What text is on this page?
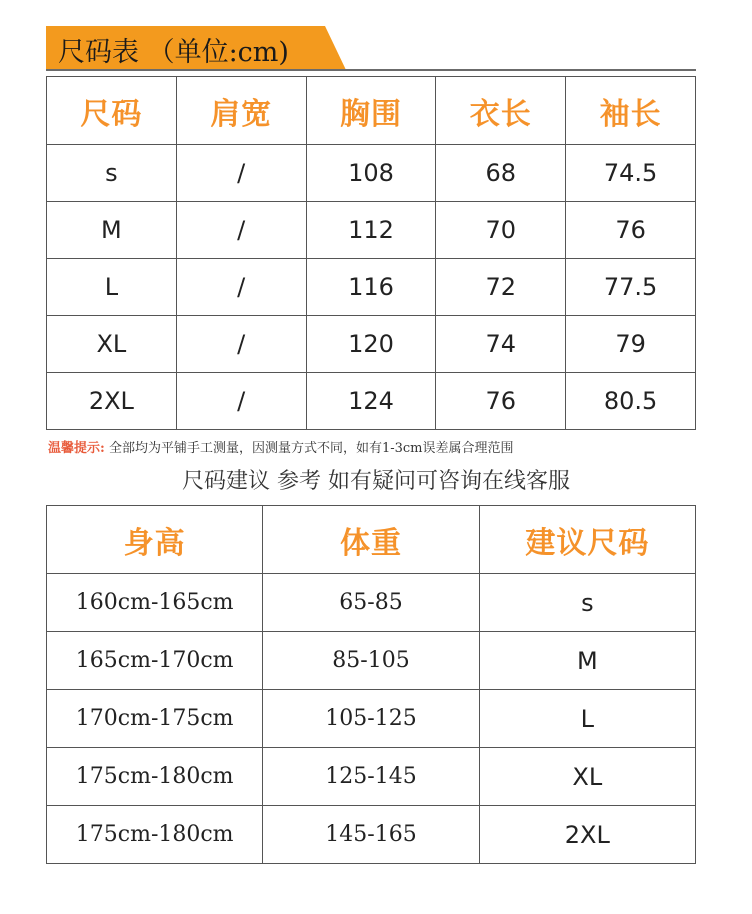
尺码表 （单位:cm)
尺码	肩宽	胸围	衣长	袖长
s	/	108	68	74.5
M	/	112	70	76
L	/	116	72	77.5
XL	/	120	74	79
2XL	/	124	76	80.5
温馨提示: 全部均为平铺手工测量，因测量方式不同，如有1-3cm误差属合理范围
尺码建议 参考 如有疑问可咨询在线客服
身高	体重	建议尺码
160cm-165cm	65-85	s
165cm-170cm	85-105	M
170cm-175cm	105-125	L
175cm-180cm	125-145	XL
175cm-180cm	145-165	2XL
